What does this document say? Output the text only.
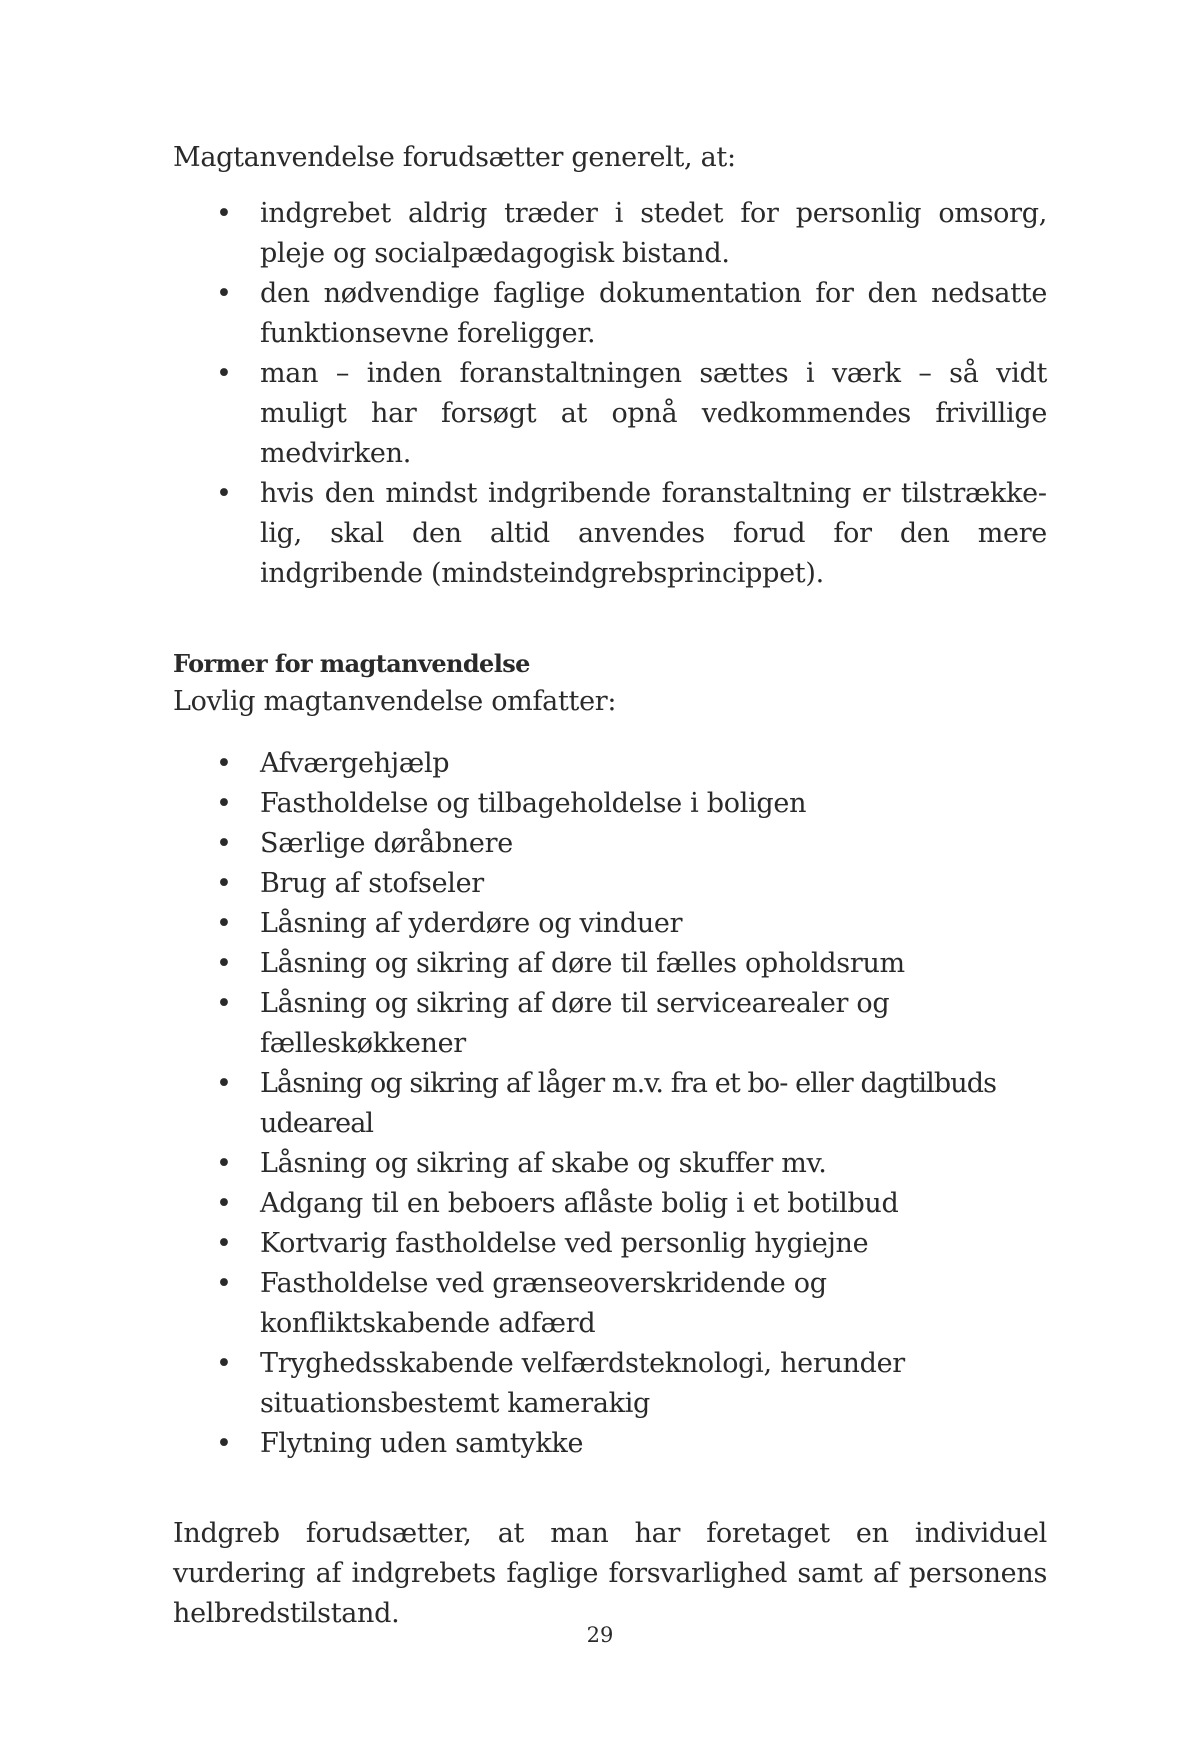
Magtanvendelse forudsætter generelt, at:

• indgrebet aldrig træder i stedet for personlig omsorg, pleje og socialpædagogisk bistand.
• den nødvendige faglige dokumentation for den nedsatte funktionsevne foreligger.
• man – inden foranstaltningen sættes i værk – så vidt muligt har forsøgt at opnå vedkommendes frivillige medvirken.
• hvis den mindst indgribende foranstaltning er tilstrækkelig, skal den altid anvendes forud for den mere indgribende (mindsteindgrebsprincippet).
Former for magtanvendelse

Lovlig magtanvendelse omfatter:

• Afværgehjælp
• Fastholdelse og tilbageholdelse i boligen
• Særlige døråbnere
• Brug af stofseler
• Låsning af yderdøre og vinduer
• Låsning og sikring af døre til fælles opholdsrum
• Låsning og sikring af døre til servicearealer og fælleskøkkener
• Låsning og sikring af låger m.v. fra et bo- eller dagtilbuds udeareal
• Låsning og sikring af skabe og skuffer mv.
• Adgang til en beboers aflåste bolig i et botilbud
• Kortvarig fastholdelse ved personlig hygiejne
• Fastholdelse ved grænseoverskridende og konfliktskabende adfærd
• Tryghedsskabende velfærdsteknologi, herunder situationsbestemt kamerakig
• Flytning uden samtykke

Indgreb forudsætter, at man har foretaget en individuel vurdering af indgrebets faglige forsvarlighed samt af personens helbredstilstand.

29
